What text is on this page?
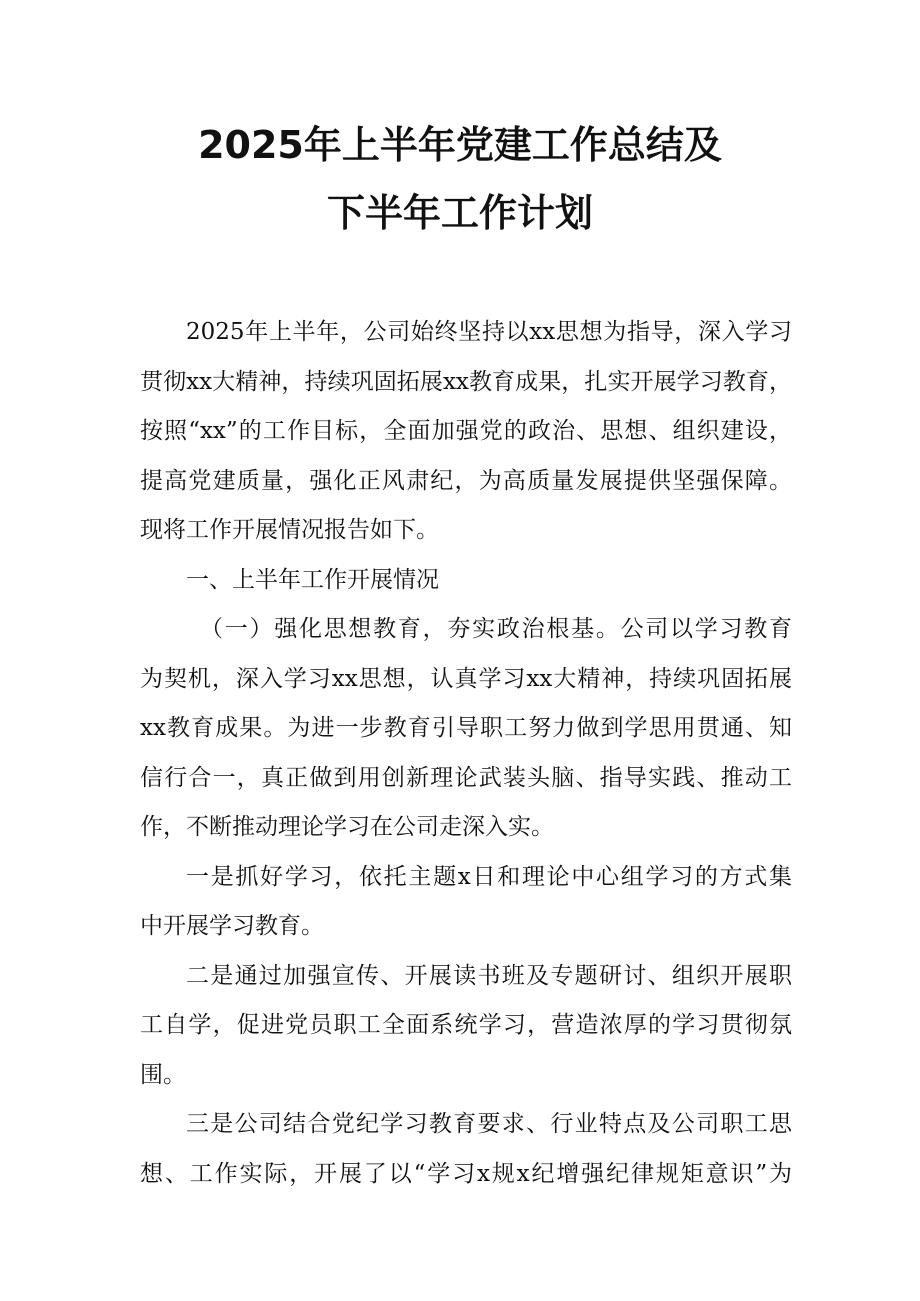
2025年上半年党建工作总结及
下半年工作计划
2025年上半年，公司始终坚持以xx思想为指导，深入学习
贯彻xx大精神，持续巩固拓展xx教育成果，扎实开展学习教育，
按照“xx”的工作目标，全面加强党的政治、思想、组织建设，
提高党建质量，强化正风肃纪，为高质量发展提供坚强保障。
现将工作开展情况报告如下。
一、上半年工作开展情况
（一）强化思想教育，夯实政治根基。公司以学习教育
为契机，深入学习xx思想，认真学习xx大精神，持续巩固拓展
xx教育成果。为进一步教育引导职工努力做到学思用贯通、知
信行合一，真正做到用创新理论武装头脑、指导实践、推动工
作，不断推动理论学习在公司走深入实。
一是抓好学习，依托主题x日和理论中心组学习的方式集
中开展学习教育。
二是通过加强宣传、开展读书班及专题研讨、组织开展职
工自学，促进党员职工全面系统学习，营造浓厚的学习贯彻氛
围。
三是公司结合党纪学习教育要求、行业特点及公司职工思
想、工作实际，开展了以“学习x规x纪增强纪律规矩意识”为
